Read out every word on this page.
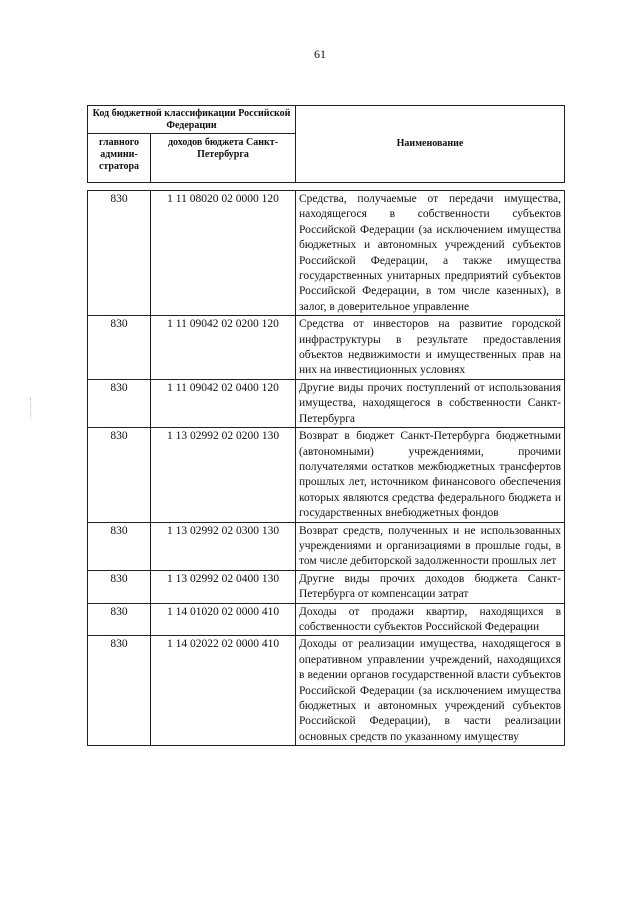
61
Код бюджетной классификации Российской Федерации		Наименование
главного админи-стратора	доходов бюджета Санкт-Петербурга	
830	1 11 08020 02 0000 120	Средства, получаемые от передачи имущества, находящегося в собственности субъектов Российской Федерации (за исключением имущества бюджетных и автономных учреждений субъектов Российской Федерации, а также имущества государственных унитарных предприятий субъектов Российской Федерации, в том числе казенных), в залог, в доверительное управление

830	1 11 09042 02 0200 120	Средства от инвесторов на развитие городской инфраструктуры в результате предоставления объектов недвижимости и имущественных прав на них на инвестиционных условиях

830	1 11 09042 02 0400 120	Другие виды прочих поступлений от использования имущества, находящегося в собственности Санкт-Петербурга

830	1 13 02992 02 0200 130	Возврат в бюджет Санкт-Петербурга бюджетными (автономными) учреждениями, прочими получателями остатков межбюджетных трансфертов прошлых лет, источником финансового обеспечения которых являются средства федерального бюджета и государственных внебюджетных фондов

830	1 13 02992 02 0300 130	Возврат средств, полученных и не использованных учреждениями и организациями в прошлые годы, в том числе дебиторской задолженности прошлых лет

830	1 13 02992 02 0400 130	Другие виды прочих доходов бюджета Санкт-Петербурга от компенсации затрат

830	1 14 01020 02 0000 410	Доходы от продажи квартир, находящихся в собственности субъектов Российской Федерации

830	1 14 02022 02 0000 410	Доходы от реализации имущества, находящегося в оперативном управлении учреждений, находящихся в ведении органов государственной власти субъектов Российской Федерации (за исключением имущества бюджетных и автономных учреждений субъектов Российской Федерации), в части реализации основных средств по указанному имуществу
